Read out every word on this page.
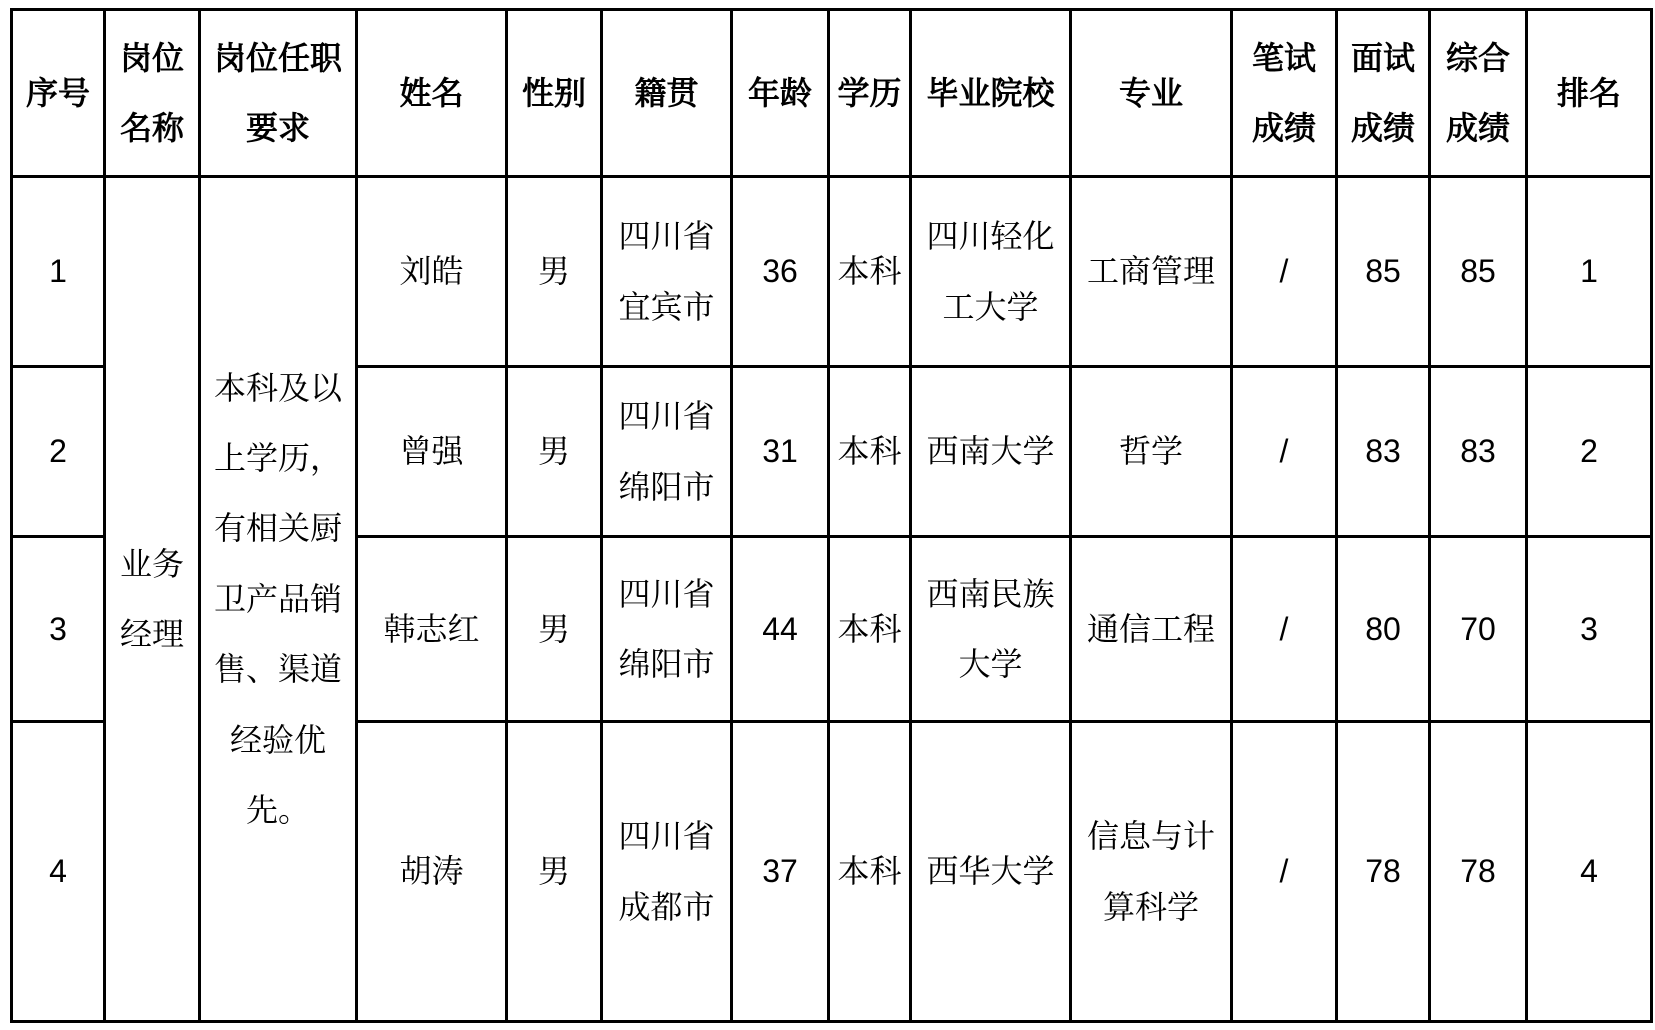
序号	岗位名称	岗位任职要求	姓名	性别	籍贯	年龄	学历	毕业院校	专业	笔试成绩	面试成绩	综合成绩	排名
1	业务经理	本科及以上学历，有相关厨卫产品销售、渠道经验优先。	刘皓	男	四川省宜宾市	36	本科	四川轻化工大学	工商管理	/	85	85	1
2			曾强	男	四川省绵阳市	31	本科	西南大学	哲学	/	83	83	2
3			韩志红	男	四川省绵阳市	44	本科	西南民族大学	通信工程	/	80	70	3
4			胡涛	男	四川省成都市	37	本科	西华大学	信息与计算科学	/	78	78	4
